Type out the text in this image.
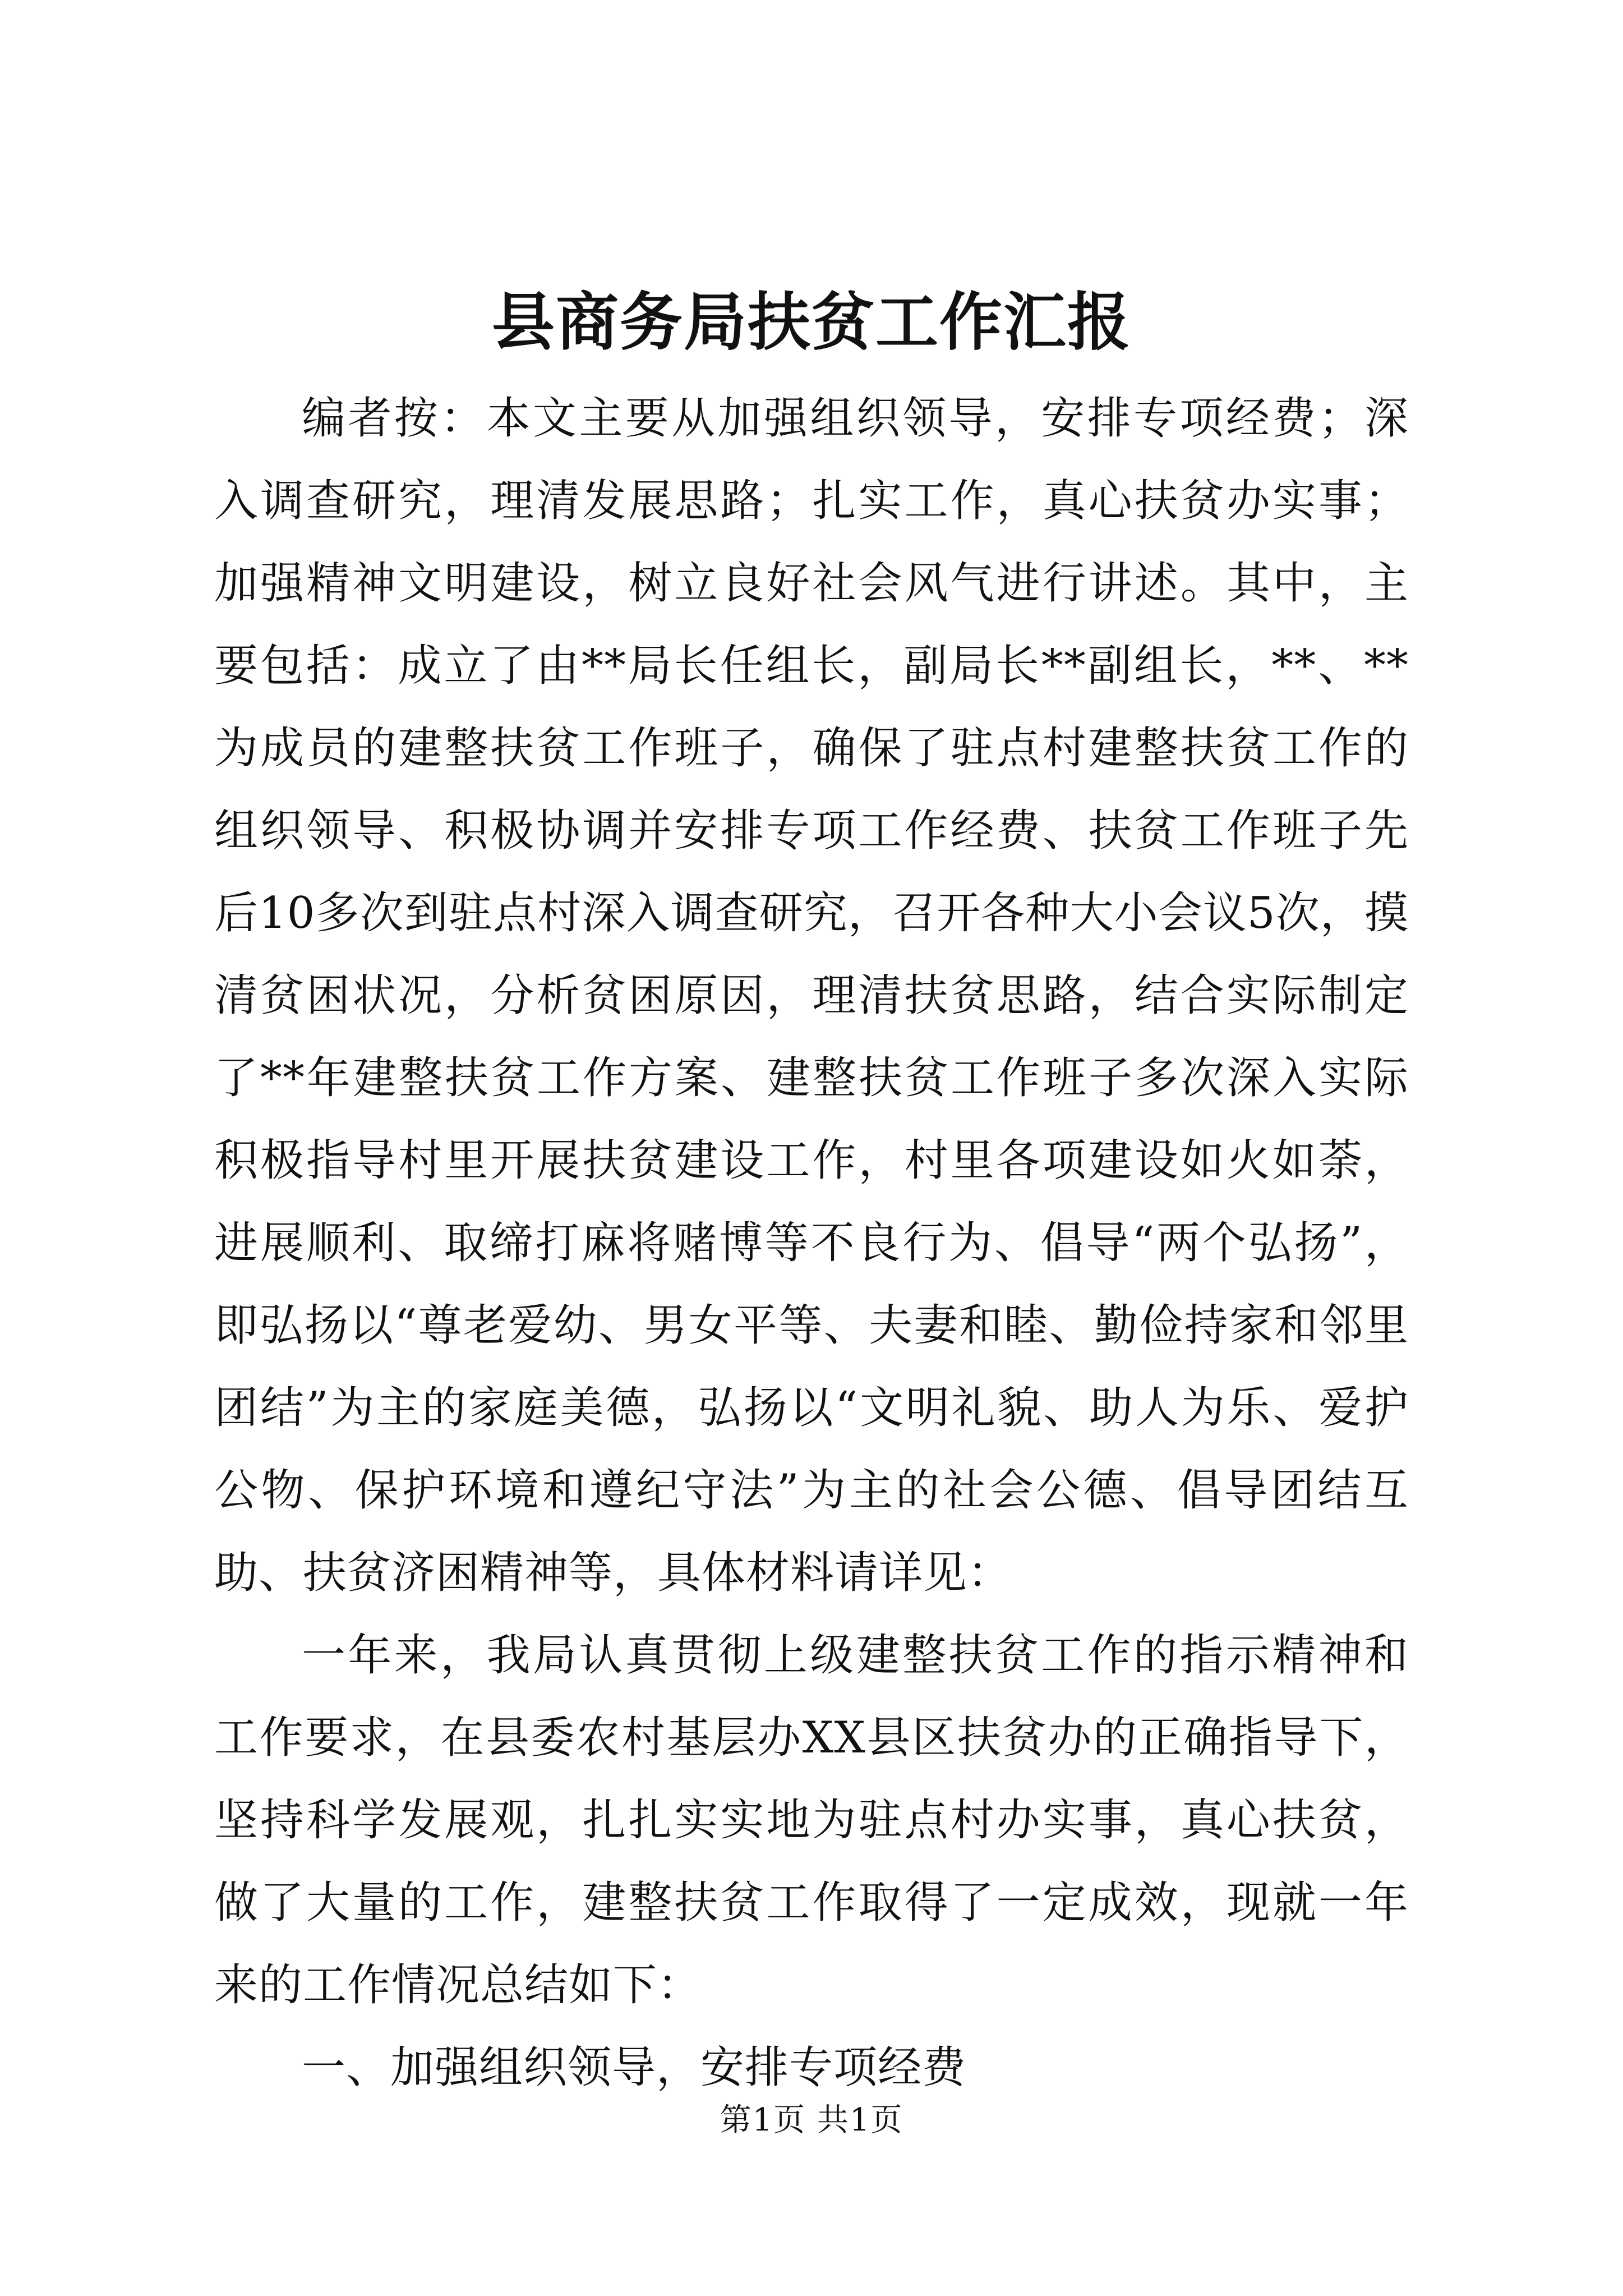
县商务局扶贫工作汇报

编者按：本文主要从加强组织领导，安排专项经费；深入调查研究，理清发展思路；扎实工作，真心扶贫办实事；加强精神文明建设，树立良好社会风气进行讲述。其中，主要包括：成立了由**局长任组长，副局长**副组长，**、**为成员的建整扶贫工作班子，确保了驻点村建整扶贫工作的组织领导、积极协调并安排专项工作经费、扶贫工作班子先后10多次到驻点村深入调查研究，召开各种大小会议5次，摸清贫困状况，分析贫困原因，理清扶贫思路，结合实际制定了**年建整扶贫工作方案、建整扶贫工作班子多次深入实际积极指导村里开展扶贫建设工作，村里各项建设如火如荼，进展顺利、取缔打麻将赌博等不良行为、倡导“两个弘扬”，即弘扬以“尊老爱幼、男女平等、夫妻和睦、勤俭持家和邻里团结”为主的家庭美德，弘扬以“文明礼貌、助人为乐、爱护公物、保护环境和遵纪守法”为主的社会公德、倡导团结互助、扶贫济困精神等，具体材料请详见：

一年来，我局认真贯彻上级建整扶贫工作的指示精神和工作要求，在县委农村基层办XX县区扶贫办的正确指导下，坚持科学发展观，扎扎实实地为驻点村办实事，真心扶贫，做了大量的工作，建整扶贫工作取得了一定成效，现就一年来的工作情况总结如下：

一、加强组织领导，安排专项经费

第1页 共1页
